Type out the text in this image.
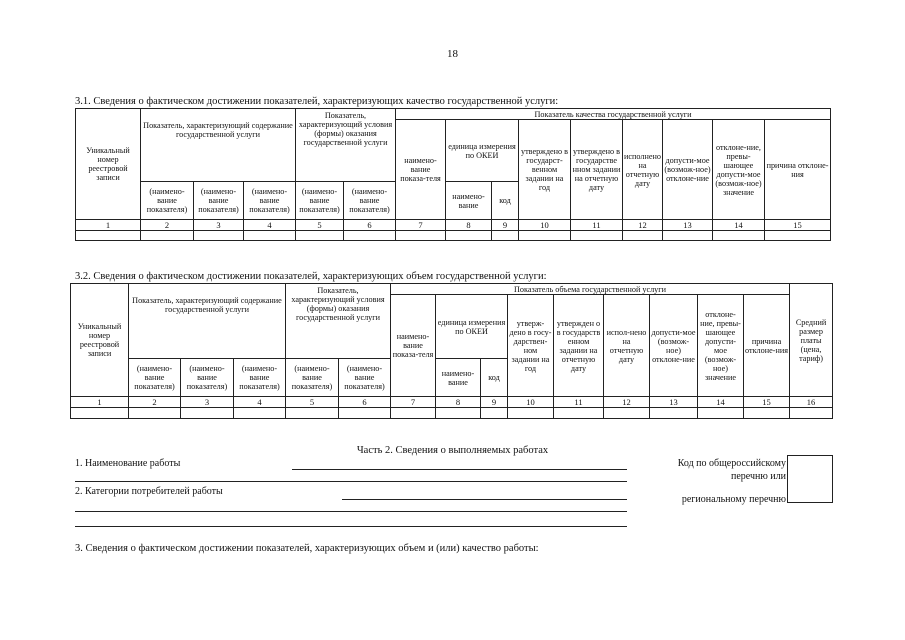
18
3.1. Сведения о фактическом достижении показателей, характеризующих качество государственной услуги:
Уникальный номер реестровой записи	Показатель, характеризующий содержание государственной услуги			Показатель, характеризующий условия (формы) оказания государственной услуги		Показатель качества государственной услуги								
						наимено-вание показа-теля	единица измерения по ОКЕИ		утверждено в государст-венном задании на год	утверждено в государстве нном задании на отчетную дату	исполнено на отчетную дату	допусти-мое (возмож-ное) отклоне-ние	отклоне-ние, превы-шающее допусти-мое (возмож-ное) значение	причина отклоне-ния
	(наимено-вание показателя)	(наимено-вание показателя)	(наимено-вание показателя)	(наимено-вание показателя)	(наимено-вание показателя)		наимено-вание	код						
1	2	3	4	5	6	7	8	9	10	11	12	13	14	15

3.2. Сведения о фактическом достижении показателей, характеризующих объем государственной услуги:
Уникальный номер реестровой записи	Показатель, характеризующий содержание государственной услуги			Показатель, характеризующий условия (формы) оказания государственной услуги		Показатель объема государственной услуги									Средний размер платы (цена, тариф)
						наимено-вание показа-теля	единица измерения по ОКЕИ		утверж-дено в госу-дарствен-ном задании на год	утвержден о в государств енном задании на отчетную дату	испол-нено на отчетную дату	допусти-мое (возмож-ное) отклоне-ние	отклоне-ние, превы-шающее допусти-мое (возмож-ное) значение	причина отклоне-ния	
	(наимено-вание показателя)	(наимено-вание показателя)	(наимено-вание показателя)	(наимено-вание показателя)	(наимено-вание показателя)		наимено-вание	код							
1	2	3	4	5	6	7	8	9	10	11	12	13	14	15	16

Часть 2. Сведения о выполняемых работах
1. Наименование работы
2. Категории потребителей работы
Код по общероссийскому
перечню или
региональному перечню
3. Сведения о фактическом достижении показателей, характеризующих объем и (или) качество работы:
